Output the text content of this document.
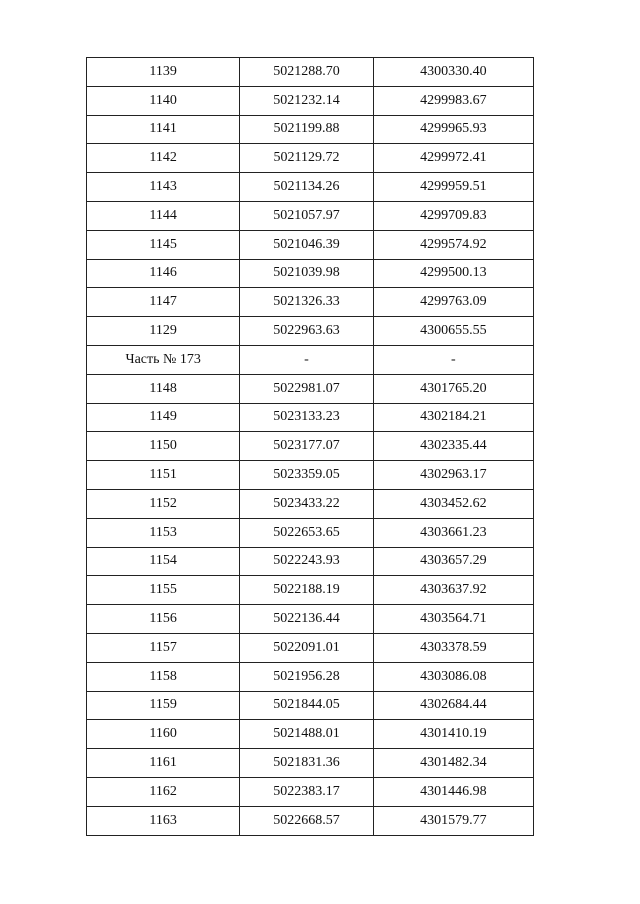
1139	5021288.70	4300330.40
1140	5021232.14	4299983.67
1141	5021199.88	4299965.93
1142	5021129.72	4299972.41
1143	5021134.26	4299959.51
1144	5021057.97	4299709.83
1145	5021046.39	4299574.92
1146	5021039.98	4299500.13
1147	5021326.33	4299763.09
1129	5022963.63	4300655.55
Часть № 173	-	-
1148	5022981.07	4301765.20
1149	5023133.23	4302184.21
1150	5023177.07	4302335.44
1151	5023359.05	4302963.17
1152	5023433.22	4303452.62
1153	5022653.65	4303661.23
1154	5022243.93	4303657.29
1155	5022188.19	4303637.92
1156	5022136.44	4303564.71
1157	5022091.01	4303378.59
1158	5021956.28	4303086.08
1159	5021844.05	4302684.44
1160	5021488.01	4301410.19
1161	5021831.36	4301482.34
1162	5022383.17	4301446.98
1163	5022668.57	4301579.77
